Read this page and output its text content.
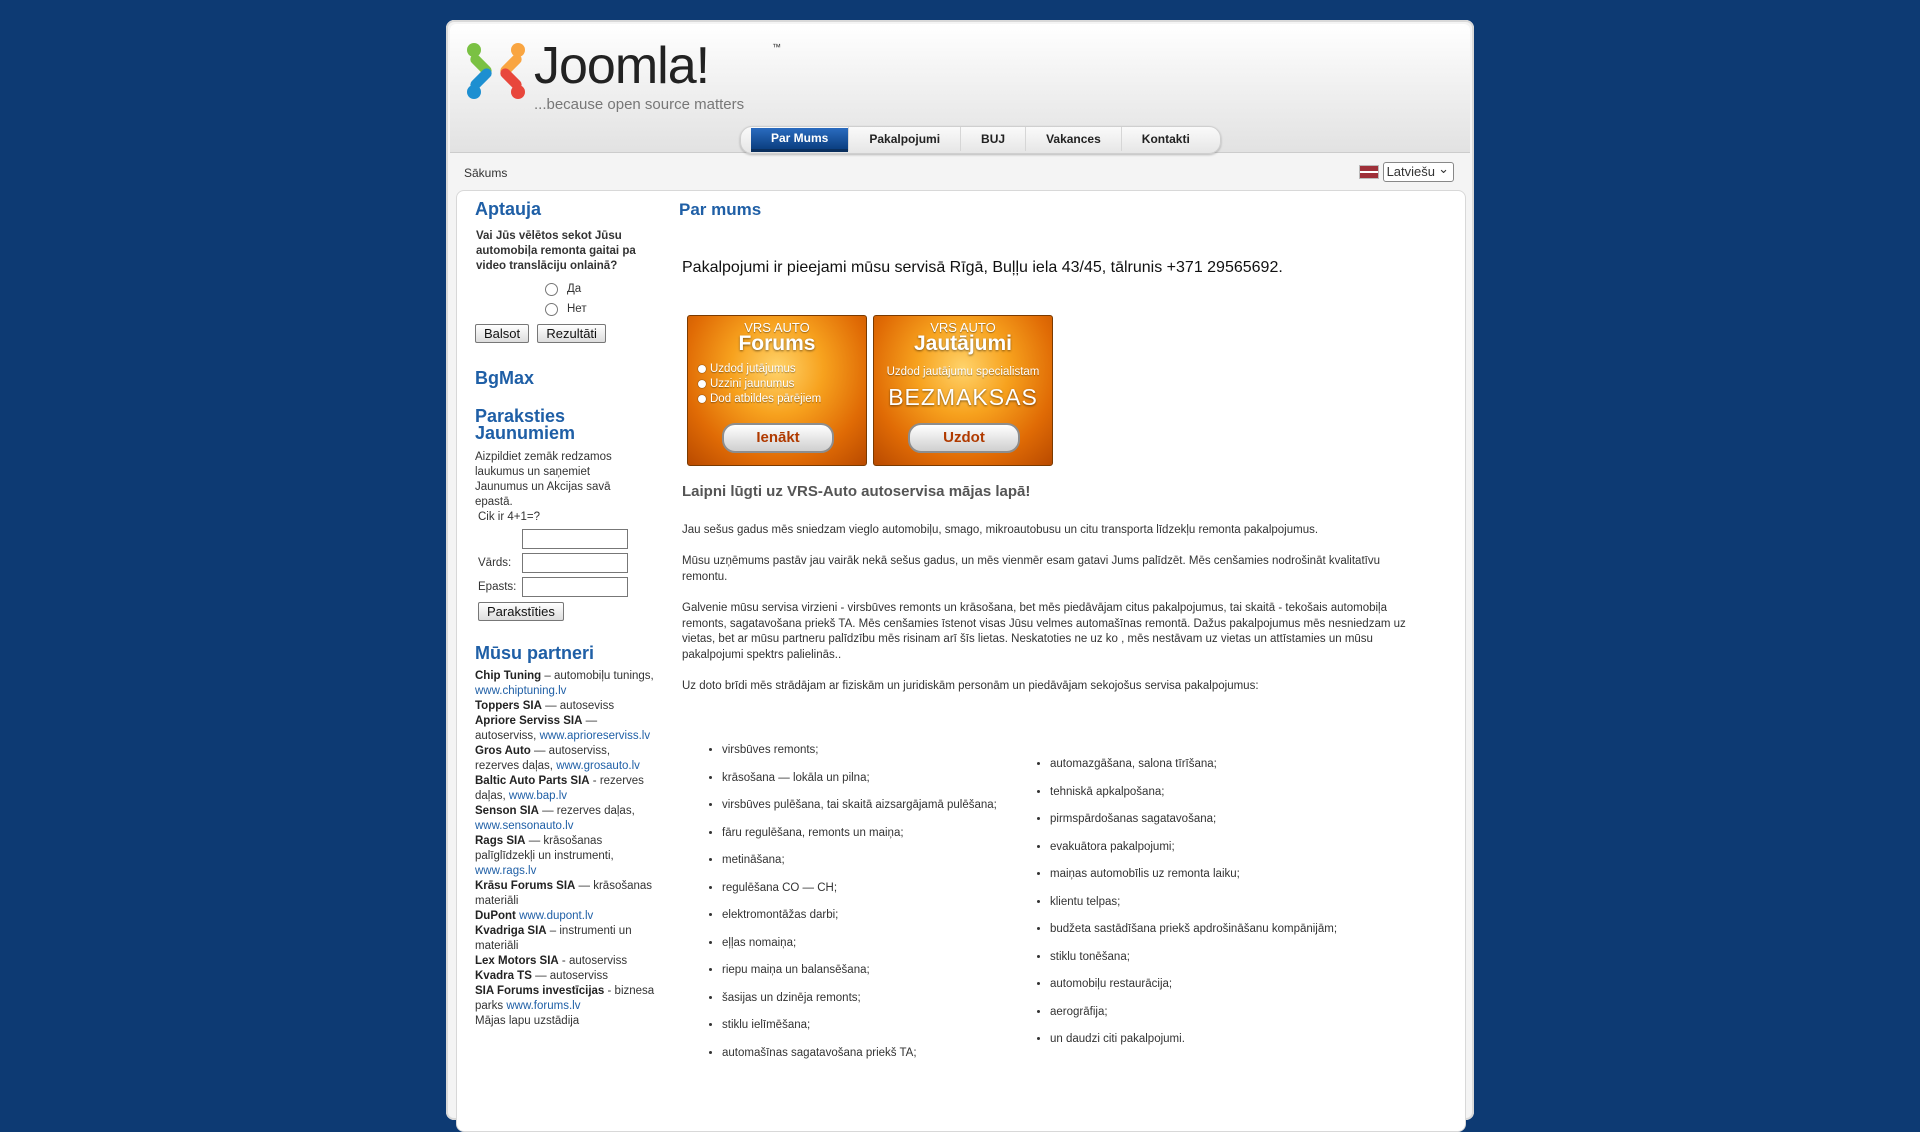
Joomla!	™
...because open source matters
Par Mums	Pakalpojumi	BUJ	Vakances	Kontakti
Sākums	Latviešu ⌄
Aptauja
Vai Jūs vēlētos sekot Jūsu automobiļa remonta gaitai pa video translāciju onlainā?
Да
Нет
Balsot Rezultāti
BgMax
Paraksties Jaunumiem
Aizpildiet zemāk redzamos laukumus un saņemiet Jaunumus un Akcijas savā epastā.
Cik ir 4+1=?
Vārds:
Epasts:
Parakstīties
Mūsu partneri
Chip Tuning – automobiļu tunings, www.chiptuning.lv
Toppers SIA — autoseviss
Apriore Serviss SIA — autoserviss, www.aprioreserviss.lv
Gros Auto — autoserviss, rezerves daļas, www.grosauto.lv
Baltic Auto Parts SIA - rezerves daļas, www.bap.lv
Senson SIA — rezerves daļas, www.sensonauto.lv
Rags SIA — krāsošanas palīglīdzekļi un instrumenti, www.rags.lv
Krāsu Forums SIA — krāsošanas materiāli
DuPont www.dupont.lv
Kvadriga SIA – instrumenti un materiāli
Lex Motors SIA - autoserviss
Kvadra TS — autoserviss
SIA Forums investīcijas - biznesa parks www.forums.lv
Mājas lapu uzstādija
Par mums
Pakalpojumi ir pieejami mūsu servisā Rīgā, Buļļu iela 43/45, tālrunis +371 29565692.
VRS AUTO
Forums
Uzdod jutājumus
Uzzini jaunumus
Dod atbildes pārējiem
Ienākt
VRS AUTO
Jautājumi
Uzdod jautājumu specialistam
BEZMAKSAS
Uzdot
Laipni lūgti uz VRS-Auto autoservisa mājas lapā!
Jau sešus gadus mēs sniedzam vieglo automobiļu, smago, mikroautobusu un citu transporta līdzekļu remonta pakalpojumus.
Mūsu uzņēmums pastāv jau vairāk nekā sešus gadus, un mēs vienmēr esam gatavi Jums palīdzēt. Mēs cenšamies nodrošināt kvalitatīvu remontu.
Galvenie mūsu servisa virzieni - virsbūves remonts un krāsošana, bet mēs piedāvājam citus pakalpojumus, tai skaitā - tekošais automobiļa remonts, sagatavošana priekš TA. Mēs cenšamies īstenot visas Jūsu velmes automašīnas remontā. Dažus pakalpojumus mēs nesniedzam uz vietas, bet ar mūsu partneru palīdzību mēs risinam arī šīs lietas. Neskatoties ne uz ko , mēs nestāvam uz vietas un attīstamies un mūsu pakalpojumi spektrs palielinās..
Uz doto brīdi mēs strādājam ar fiziskām un juridiskām personām un piedāvājam sekojošus servisa pakalpojumus:
• virsbūves remonts;
• krāsošana — lokāla un pilna;
• virsbūves pulēšana, tai skaitā aizsargājamā pulēšana;
• fāru regulēšana, remonts un maiņa;
• metināšana;
• regulēšana CO — CH;
• elektromontāžas darbi;
• eļļas nomaiņa;
• riepu maiņa un balansēšana;
• šasijas un dzinēja remonts;
• stiklu ielīmēšana;
• automašīnas sagatavošana priekš TA;
• automazgāšana, salona tīrīšana;
• tehniskā apkalpošana;
• pirmspārdošanas sagatavošana;
• evakuātora pakalpojumi;
• maiņas automobīlis uz remonta laiku;
• klientu telpas;
• budžeta sastādīšana priekš apdrošināšanu kompānijām;
• stiklu tonēšana;
• automobiļu restaurācija;
• aerogrāfija;
• un daudzi citi pakalpojumi.
